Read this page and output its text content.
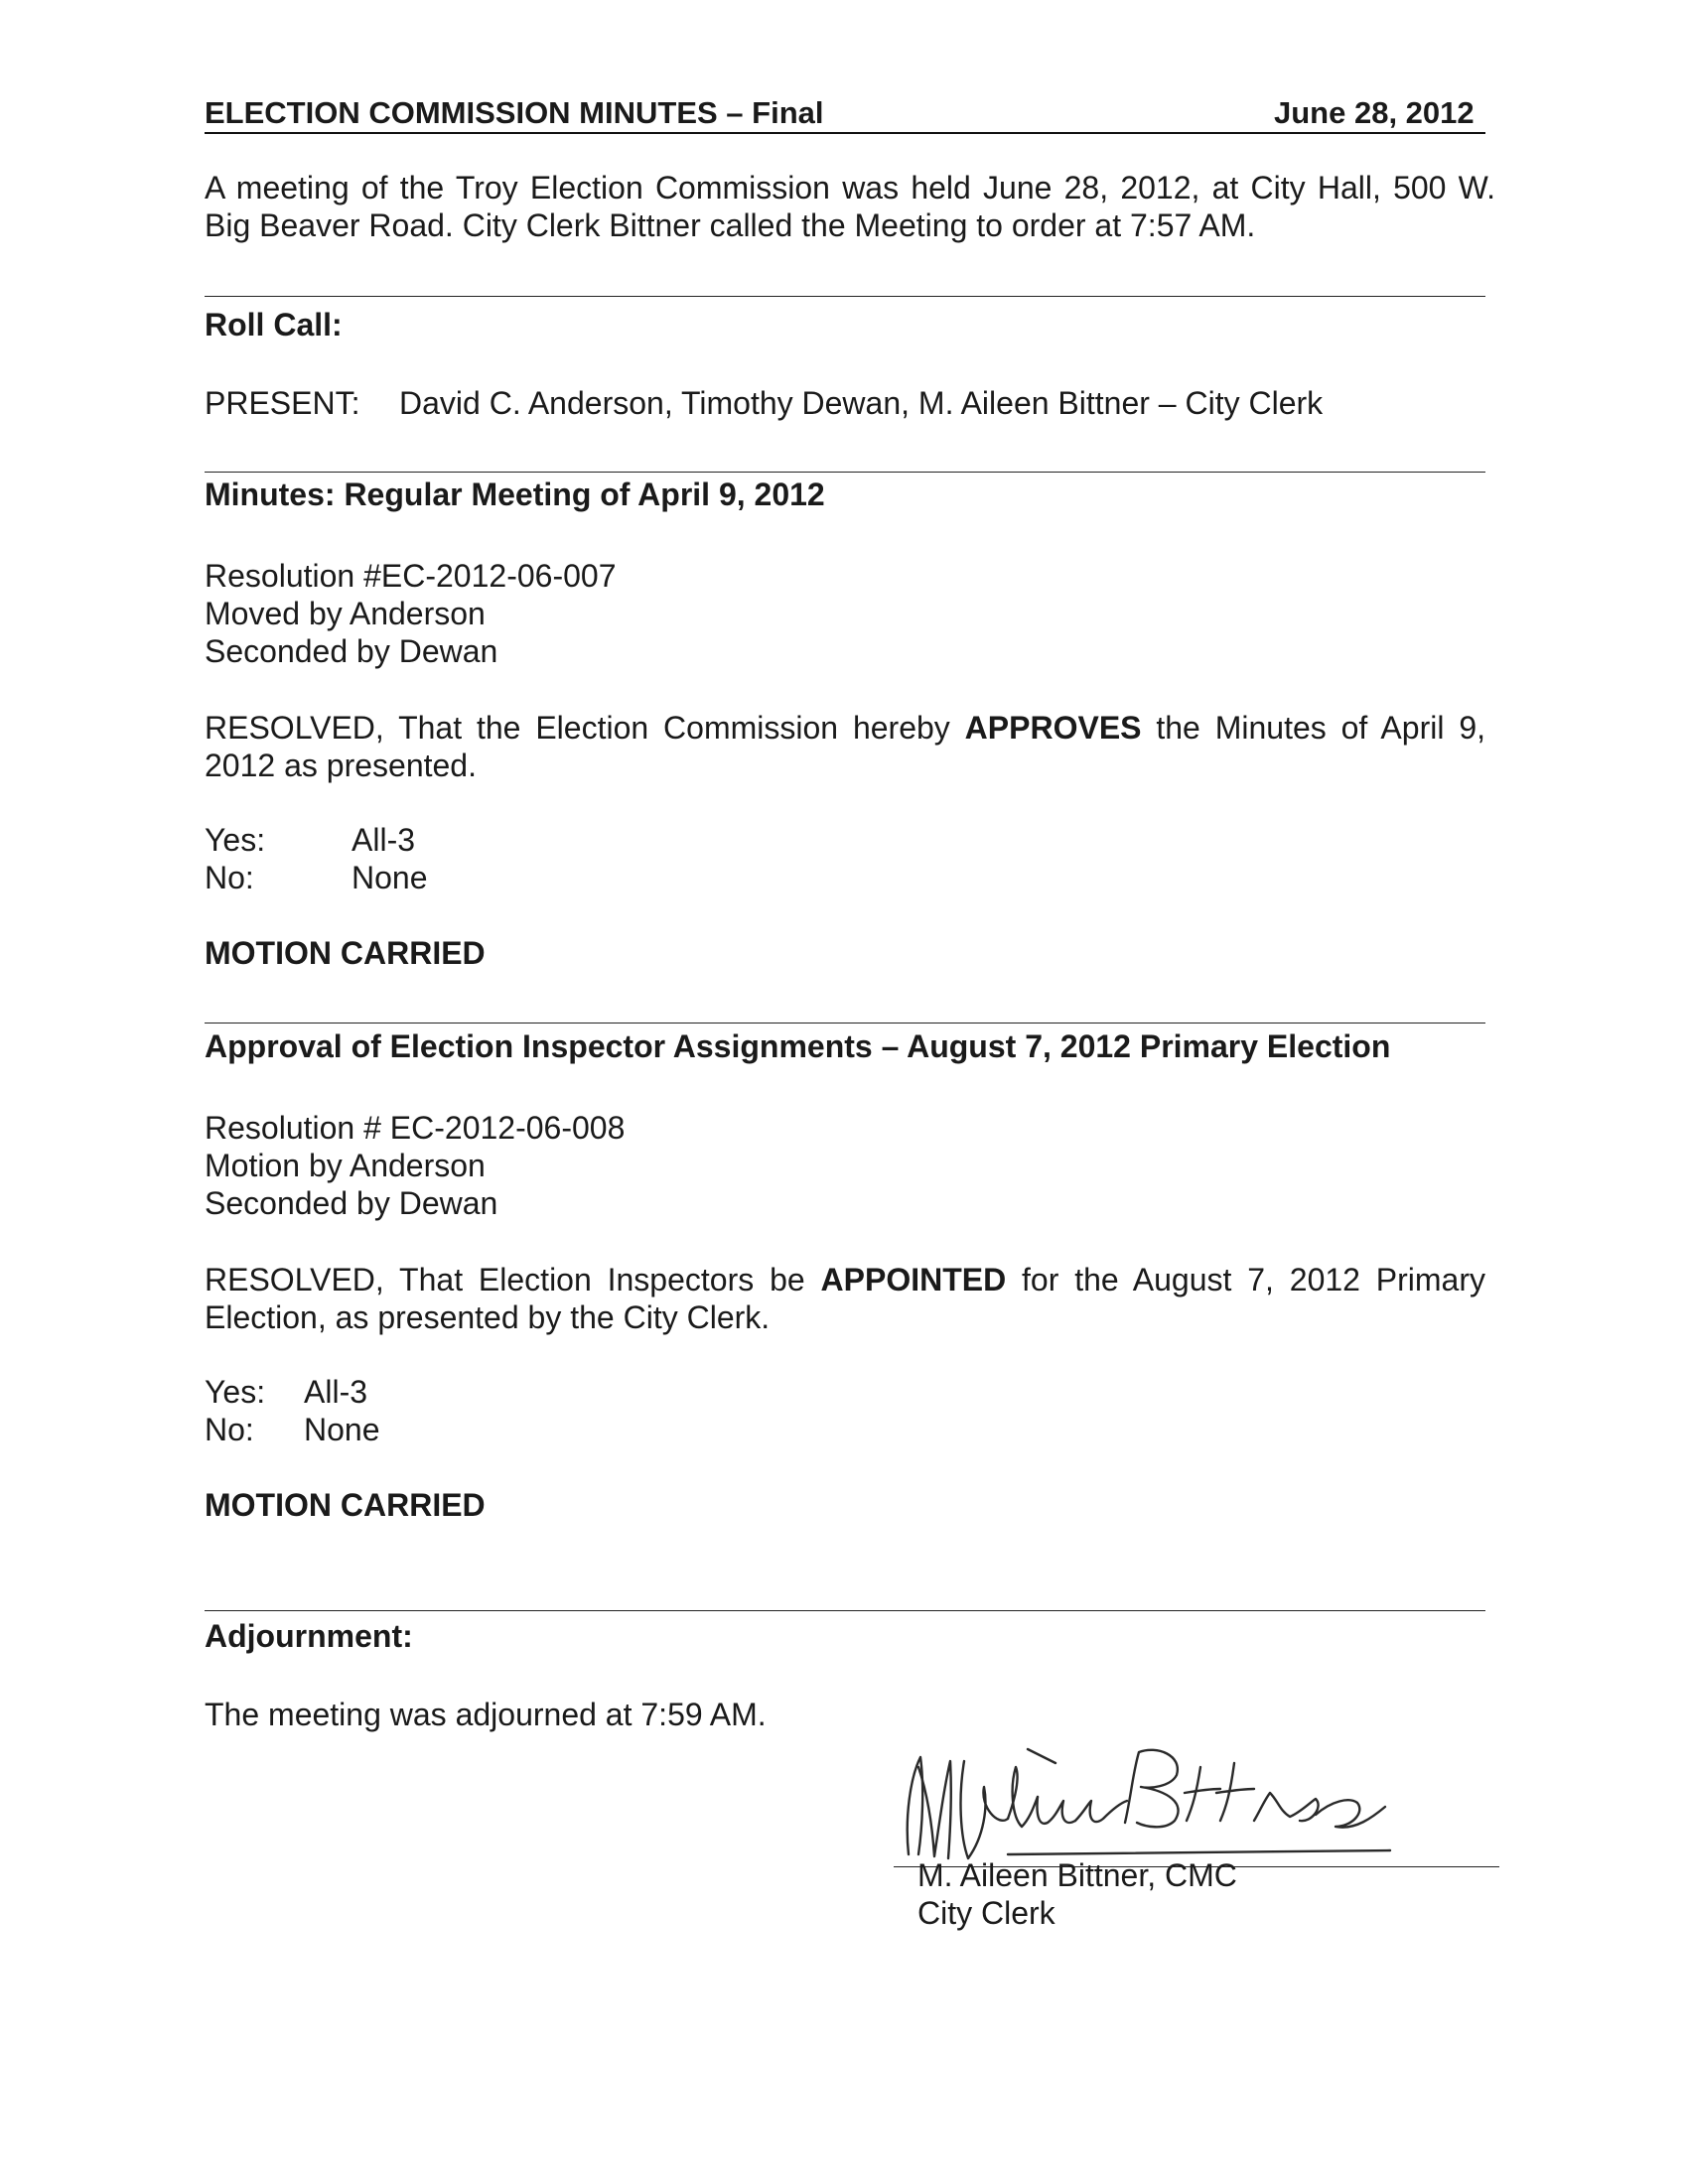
ELECTION COMMISSION MINUTES – Final	June 28, 2012
A meeting of the Troy Election Commission was held June 28, 2012, at City Hall, 500 W. Big Beaver Road. City Clerk Bittner called the Meeting to order at 7:57 AM.
Roll Call:
PRESENT: David C. Anderson, Timothy Dewan, M. Aileen Bittner – City Clerk
Minutes: Regular Meeting of April 9, 2012
Resolution #EC-2012-06-007
Moved by Anderson
Seconded by Dewan
RESOLVED, That the Election Commission hereby APPROVES the Minutes of April 9, 2012 as presented.
Yes:	All-3
No:	None
MOTION CARRIED
Approval of Election Inspector Assignments – August 7, 2012 Primary Election
Resolution # EC-2012-06-008
Motion by Anderson
Seconded by Dewan
RESOLVED, That Election Inspectors be APPOINTED for the August 7, 2012 Primary Election, as presented by the City Clerk.
Yes: All-3
No: None
MOTION CARRIED
Adjournment:
The meeting was adjourned at 7:59 AM.
M. Aileen Bittner, CMC
City Clerk
